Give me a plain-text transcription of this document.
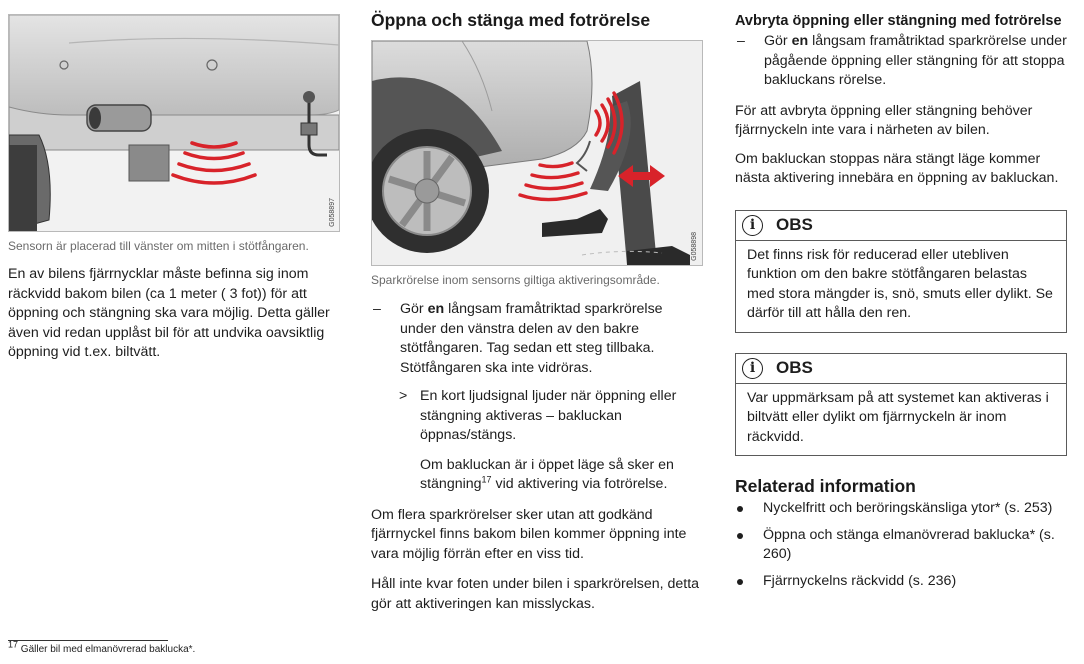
G058897
Sensorn är placerad till vänster om mitten i stötfångaren.

En av bilens fjärrnycklar måste befinna sig inom räckvidd bakom bilen (ca 1 meter ( 3 fot)) för att öppning och stängning ska vara möjlig. Detta gäller även vid redan upplåst bil för att undvika oavsiktlig öppning vid t.ex. biltvätt.

Öppna och stänga med fotrörelse
G058898
Sparkrörelse inom sensorns giltiga aktiveringsområde.
– Gör en långsam framåtriktad sparkrörelse under den vänstra delen av den bakre stötfångaren. Tag sedan ett steg tillbaka. Stötfångaren ska inte vidröras.
> En kort ljudsignal ljuder när öppning eller stängning aktiveras – bakluckan öppnas/stängs.
Om bakluckan är i öppet läge så sker en stängning$^{17}$ vid aktivering via fotrörelse.

Om flera sparkrörelser sker utan att godkänd fjärrnyckel finns bakom bilen kommer öppning inte vara möjlig förrän efter en viss tid.

Håll inte kvar foten under bilen i sparkrörelsen, detta gör att aktiveringen kan misslyckas.

Avbryta öppning eller stängning med fotrörelse
– Gör en långsam framåtriktad sparkrörelse under pågående öppning eller stängning för att stoppa bakluckans rörelse.

För att avbryta öppning eller stängning behöver fjärrnyckeln inte vara i närheten av bilen.

Om bakluckan stoppas nära stängt läge kommer nästa aktivering innebära en öppning av bakluckan.

i	OBS
Det finns risk för reducerad eller utebliven funktion om den bakre stötfångaren belastas med stora mängder is, snö, smuts eller dylikt. Se därför till att hålla den ren.
i	OBS
Var uppmärksam på att systemet kan aktiveras i biltvätt eller dylikt om fjärrnyckeln är inom räckvidd.
Relaterad information
Nyckelfritt och beröringskänsliga ytor* (s. 253)
Öppna och stänga elmanövrerad baklucka* (s. 260)
Fjärrnyckelns räckvidd (s. 236)
$^{17}$ Gäller bil med elmanövrerad baklucka*.
